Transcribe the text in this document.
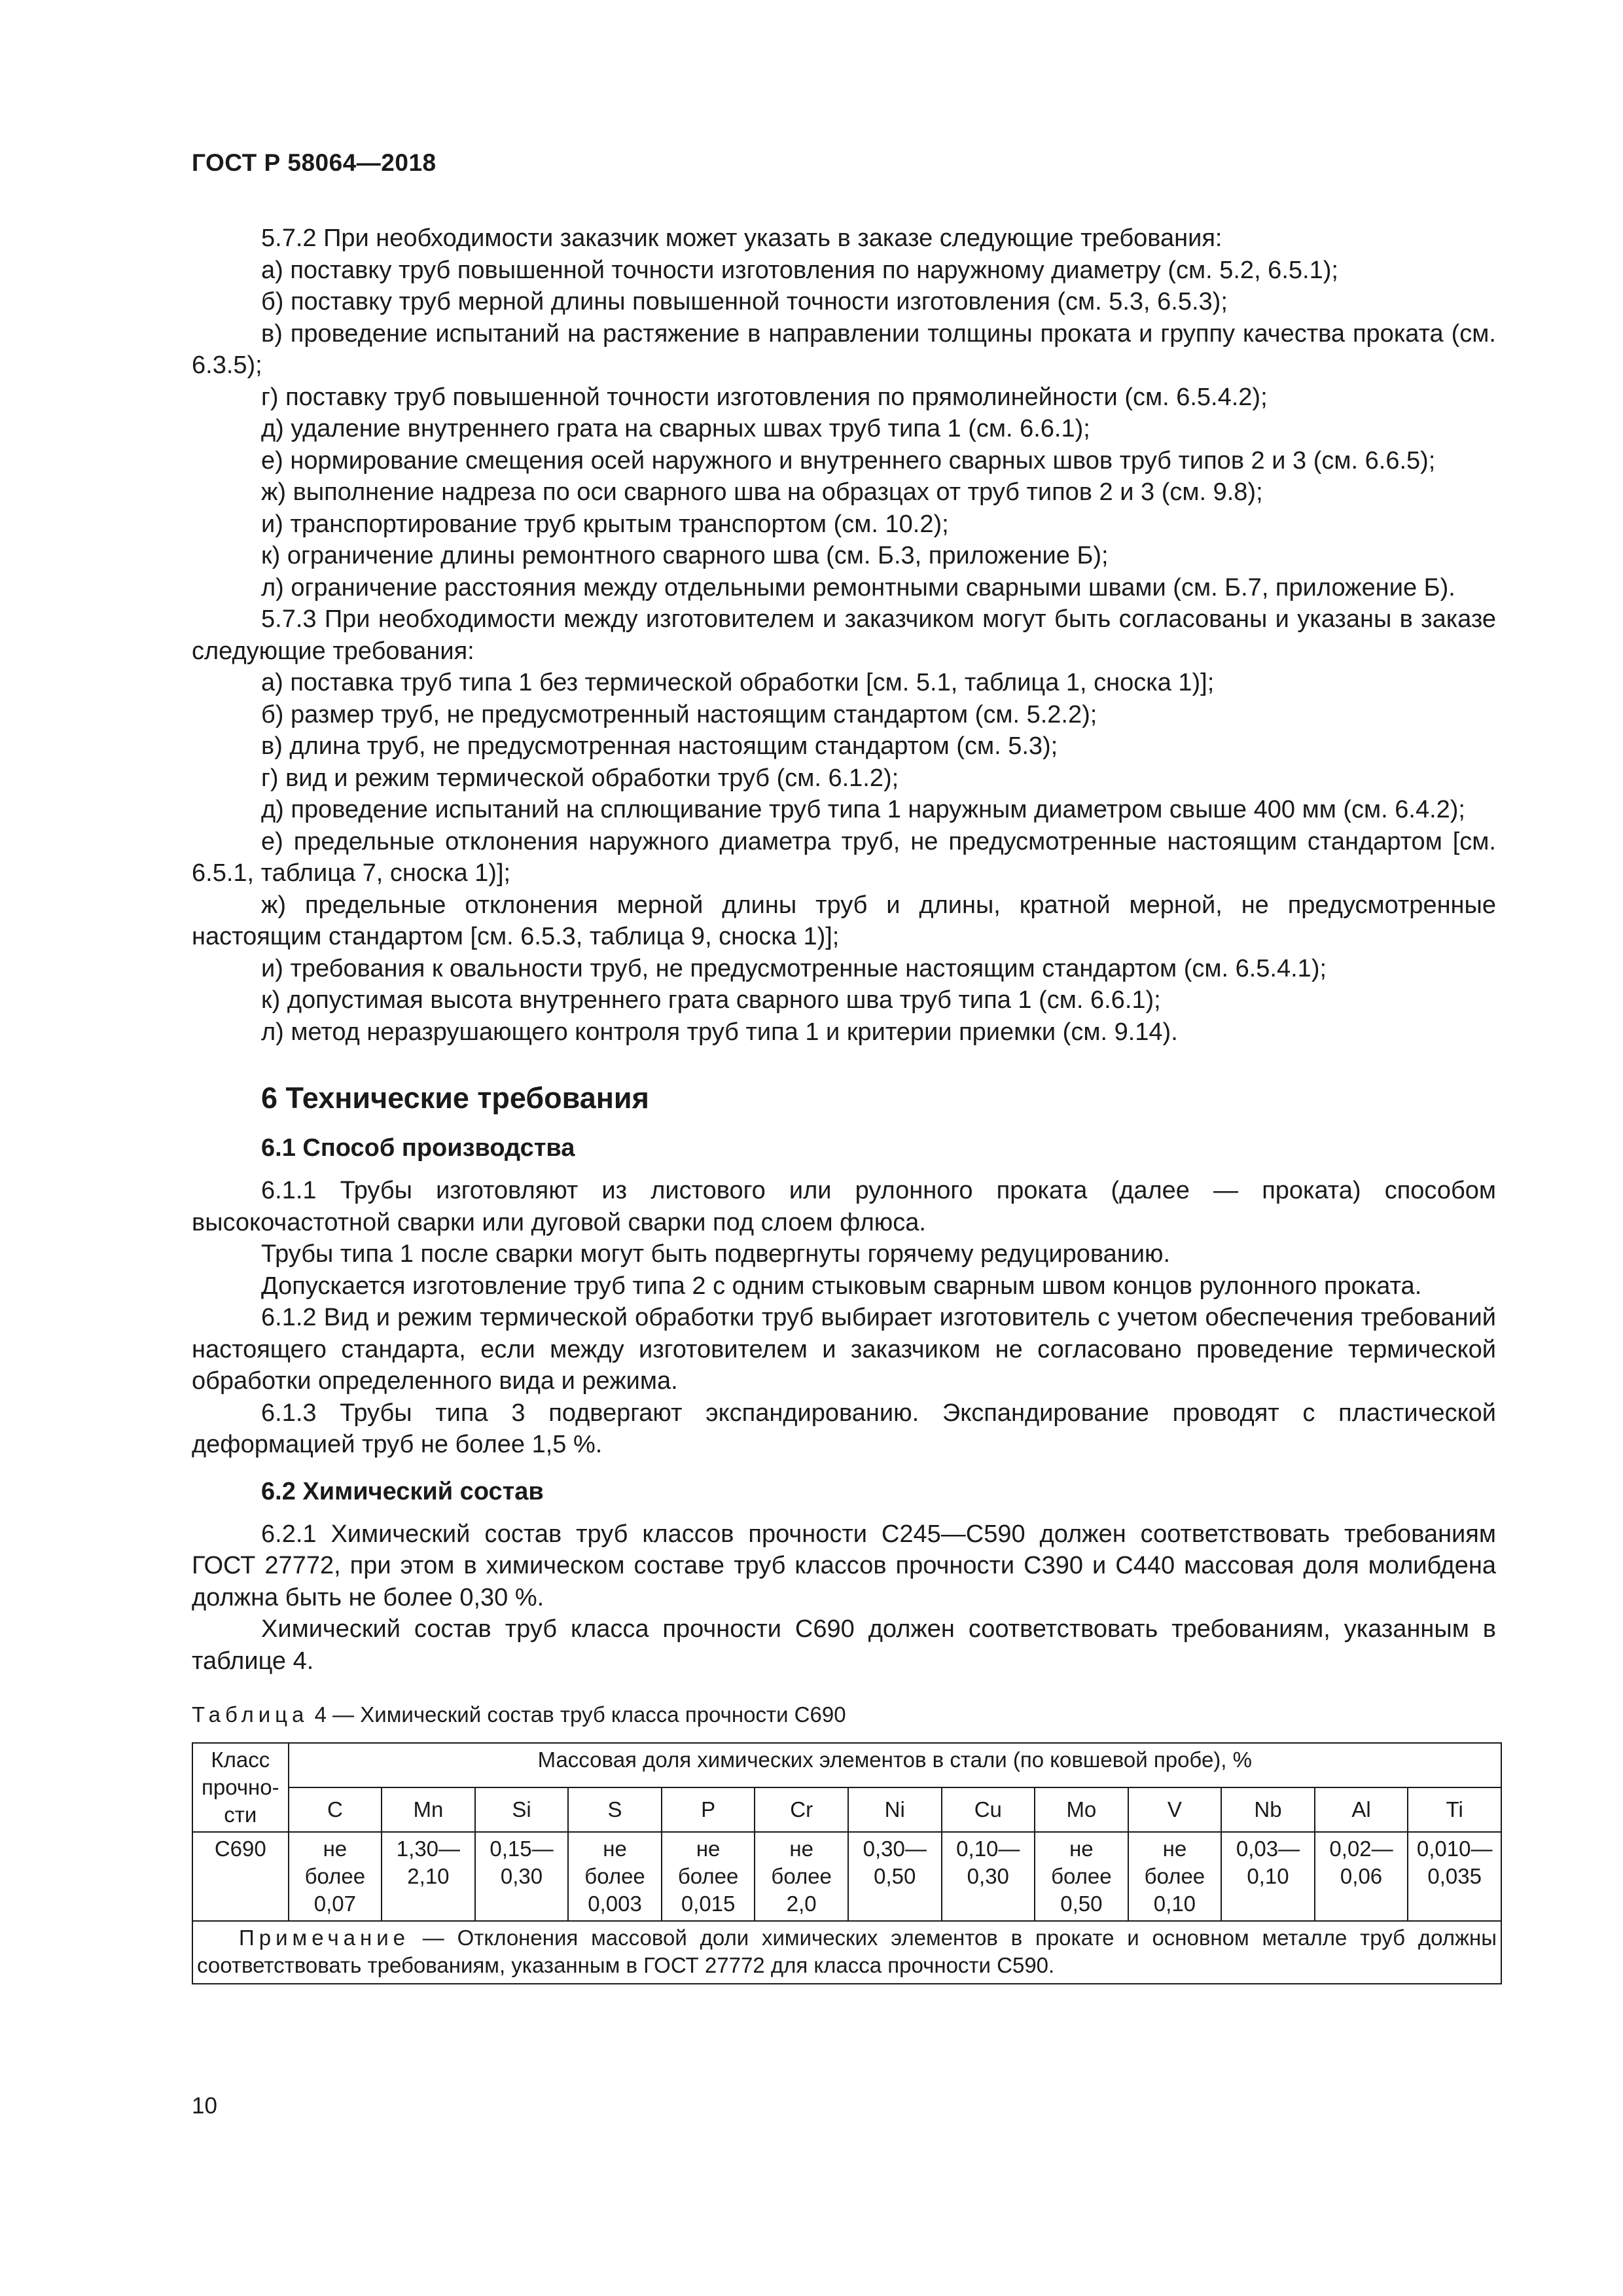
ГОСТ Р 58064—2018

5.7.2 При необходимости заказчик может указать в заказе следующие требования:

а) поставку труб повышенной точности изготовления по наружному диаметру (см. 5.2, 6.5.1);

б) поставку труб мерной длины повышенной точности изготовления (см. 5.3, 6.5.3);

в) проведение испытаний на растяжение в направлении толщины проката и группу качества проката (см. 6.3.5);

г) поставку труб повышенной точности изготовления по прямолинейности (см. 6.5.4.2);

д) удаление внутреннего грата на сварных швах труб типа 1 (см. 6.6.1);

е) нормирование смещения осей наружного и внутреннего сварных швов труб типов 2 и 3 (см. 6.6.5);

ж) выполнение надреза по оси сварного шва на образцах от труб типов 2 и 3 (см. 9.8);

и) транспортирование труб крытым транспортом (см. 10.2);

к) ограничение длины ремонтного сварного шва (см. Б.3, приложение Б);

л) ограничение расстояния между отдельными ремонтными сварными швами (см. Б.7, приложение Б).

5.7.3 При необходимости между изготовителем и заказчиком могут быть согласованы и указаны в заказе следующие требования:

а) поставка труб типа 1 без термической обработки [см. 5.1, таблица 1, сноска 1)];

б) размер труб, не предусмотренный настоящим стандартом (см. 5.2.2);

в) длина труб, не предусмотренная настоящим стандартом (см. 5.3);

г) вид и режим термической обработки труб (см. 6.1.2);

д) проведение испытаний на сплющивание труб типа 1 наружным диаметром свыше 400 мм (см. 6.4.2);

е) предельные отклонения наружного диаметра труб, не предусмотренные настоящим стандартом [см. 6.5.1, таблица 7, сноска 1)];

ж) предельные отклонения мерной длины труб и длины, кратной мерной, не предусмотренные настоящим стандартом [см. 6.5.3, таблица 9, сноска 1)];

и) требования к овальности труб, не предусмотренные настоящим стандартом (см. 6.5.4.1);

к) допустимая высота внутреннего грата сварного шва труб типа 1 (см. 6.6.1);

л) метод неразрушающего контроля труб типа 1 и критерии приемки (см. 9.14).

6 Технические требования
6.1 Способ производства

6.1.1 Трубы изготовляют из листового или рулонного проката (далее — проката) способом высокочастотной сварки или дуговой сварки под слоем флюса.

Трубы типа 1 после сварки могут быть подвергнуты горячему редуцированию.

Допускается изготовление труб типа 2 с одним стыковым сварным швом концов рулонного проката.

6.1.2 Вид и режим термической обработки труб выбирает изготовитель с учетом обеспечения требований настоящего стандарта, если между изготовителем и заказчиком не согласовано проведение термической обработки определенного вида и режима.

6.1.3 Трубы типа 3 подвергают экспандированию. Экспандирование проводят с пластической деформацией труб не более 1,5 %.

6.2 Химический состав

6.2.1 Химический состав труб классов прочности С245—С590 должен соответствовать требованиям ГОСТ 27772, при этом в химическом составе труб классов прочности С390 и С440 массовая доля молибдена должна быть не более 0,30 %.

Химический состав труб класса прочности С690 должен соответствовать требованиям, указанным в таблице 4.

Таблица 4 — Химический состав труб класса прочности С690
Класс прочно-сти	Массовая доля химических элементов в стали (по ковшевой пробе), %												
	C	Mn	Si	S	P	Cr	Ni	Cu	Mo	V	Nb	Al	Ti
С690	не более 0,07	1,30—2,10	0,15—0,30	не более 0,003	не более 0,015	не более 2,0	0,30—0,50	0,10—0,30	не более 0,50	не более 0,10	0,03—0,10	0,02—0,06	0,010—0,035
Примечание — Отклонения массовой доли химических элементов в прокате и основном металле труб должны соответствовать требованиям, указанным в ГОСТ 27772 для класса прочности С590.													
10
